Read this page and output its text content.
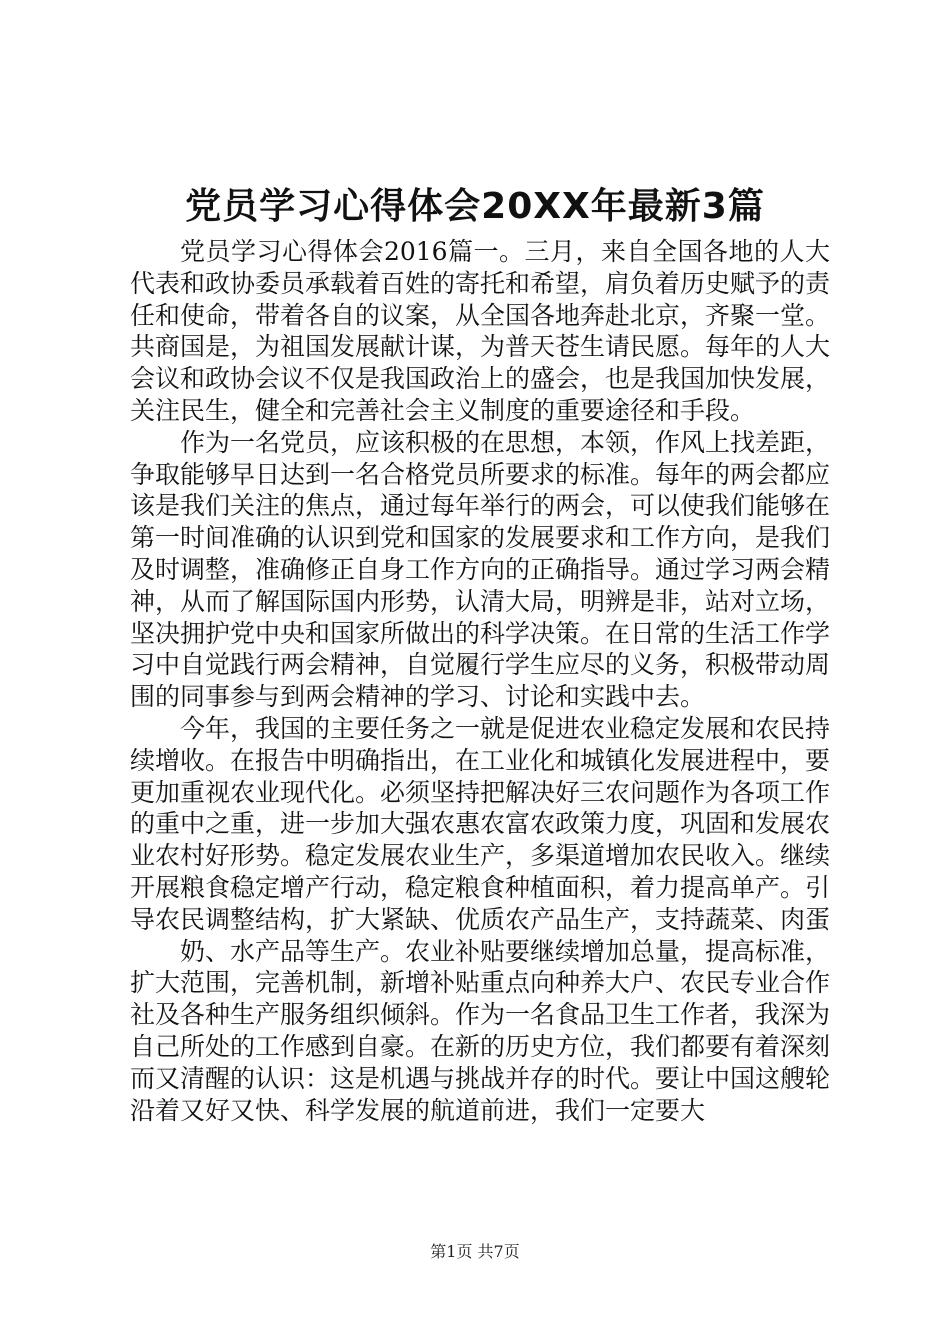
党员学习心得体会20XX年最新3篇

党员学习心得体会2016篇一。三月，来自全国各地的人大代表和政协委员承载着百姓的寄托和希望，肩负着历史赋予的责任和使命，带着各自的议案，从全国各地奔赴北京，齐聚一堂。共商国是，为祖国发展献计谋，为普天苍生请民愿。每年的人大会议和政协会议不仅是我国政治上的盛会，也是我国加快发展，关注民生，健全和完善社会主义制度的重要途径和手段。

作为一名党员，应该积极的在思想，本领，作风上找差距，争取能够早日达到一名合格党员所要求的标准。每年的两会都应该是我们关注的焦点，通过每年举行的两会，可以使我们能够在第一时间准确的认识到党和国家的发展要求和工作方向，是我们及时调整，准确修正自身工作方向的正确指导。通过学习两会精神，从而了解国际国内形势，认清大局，明辨是非，站对立场，坚决拥护党中央和国家所做出的科学决策。在日常的生活工作学习中自觉践行两会精神，自觉履行学生应尽的义务，积极带动周围的同事参与到两会精神的学习、讨论和实践中去。

今年，我国的主要任务之一就是促进农业稳定发展和农民持续增收。在报告中明确指出，在工业化和城镇化发展进程中，要更加重视农业现代化。必须坚持把解决好三农问题作为各项工作的重中之重，进一步加大强农惠农富农政策力度，巩固和发展农业农村好形势。稳定发展农业生产，多渠道增加农民收入。继续开展粮食稳定增产行动，稳定粮食种植面积，着力提高单产。引导农民调整结构，扩大紧缺、优质农产品生产，支持蔬菜、肉蛋

奶、水产品等生产。农业补贴要继续增加总量，提高标准，扩大范围，完善机制，新增补贴重点向种养大户、农民专业合作社及各种生产服务组织倾斜。作为一名食品卫生工作者，我深为自己所处的工作感到自豪。在新的历史方位，我们都要有着深刻而又清醒的认识：这是机遇与挑战并存的时代。要让中国这艘轮沿着又好又快、科学发展的航道前进，我们一定要大

第1页 共7页
